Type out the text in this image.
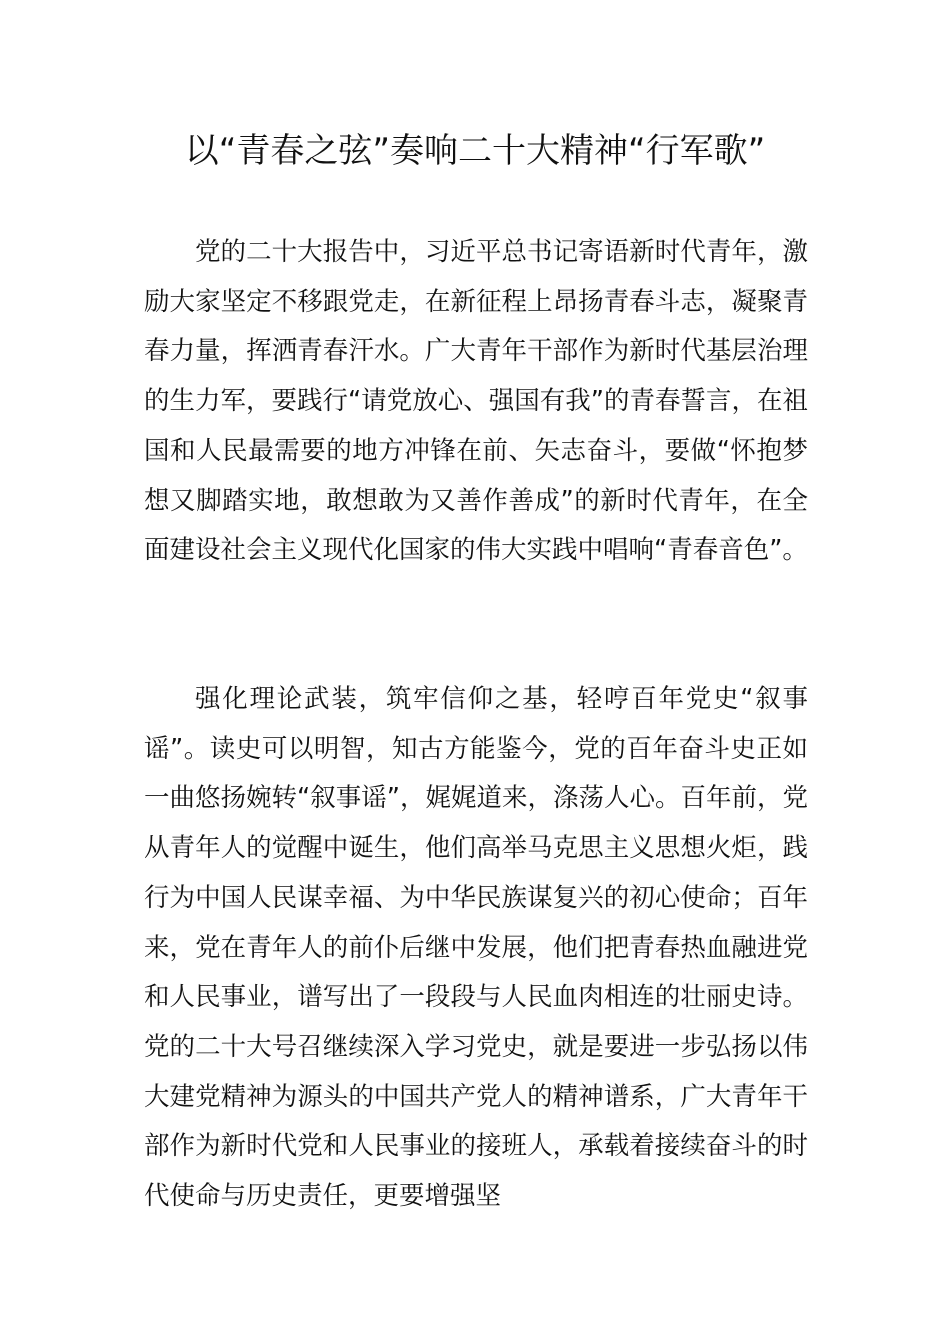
以“青春之弦”奏响二十大精神“行军歌”

党的二十大报告中，习近平总书记寄语新时代青年，激励大家坚定不移跟党走，在新征程上昂扬青春斗志，凝聚青春力量，挥洒青春汗水。广大青年干部作为新时代基层治理的生力军，要践行“请党放心、强国有我”的青春誓言，在祖国和人民最需要的地方冲锋在前、矢志奋斗，要做“怀抱梦想又脚踏实地，敢想敢为又善作善成”的新时代青年，在全面建设社会主义现代化国家的伟大实践中唱响“青春音色”。

强化理论武装，筑牢信仰之基，轻哼百年党史“叙事谣”。读史可以明智，知古方能鉴今，党的百年奋斗史正如一曲悠扬婉转“叙事谣”，娓娓道来，涤荡人心。百年前，党从青年人的觉醒中诞生，他们高举马克思主义思想火炬，践行为中国人民谋幸福、为中华民族谋复兴的初心使命；百年来，党在青年人的前仆后继中发展，他们把青春热血融进党和人民事业，谱写出了一段段与人民血肉相连的壮丽史诗。党的二十大号召继续深入学习党史，就是要进一步弘扬以伟大建党精神为源头的中国共产党人的精神谱系，广大青年干部作为新时代党和人民事业的接班人，承载着接续奋斗的时代使命与历史责任，更要增强坚
